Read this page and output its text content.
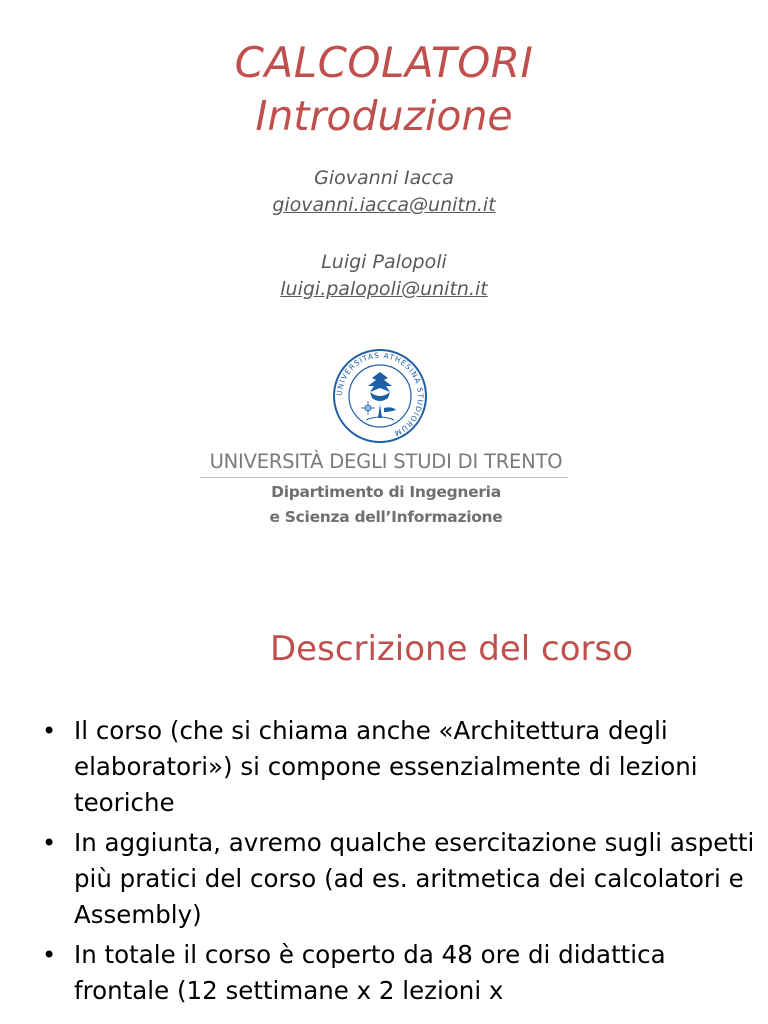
CALCOLATORI
Introduzione
Giovanni Iacca
giovanni.iacca@unitn.it
Luigi Palopoli
luigi.palopoli@unitn.it
UNIVERSITAS ATHESINA STUDIORUM
UNIVERSITÀ DEGLI STUDI DI TRENTO
Dipartimento di Ingegneria
e Scienza dell’Informazione
Descrizione del corso
• Il corso (che si chiama anche «Architettura degli elaboratori») si compone essenzialmente di lezioni teoriche
• In aggiunta, avremo qualche esercitazione sugli aspetti più pratici del corso (ad es. aritmetica dei calcolatori e Assembly)
• In totale il corso è coperto da 48 ore di didattica frontale (12 settimane x 2 lezioni x
